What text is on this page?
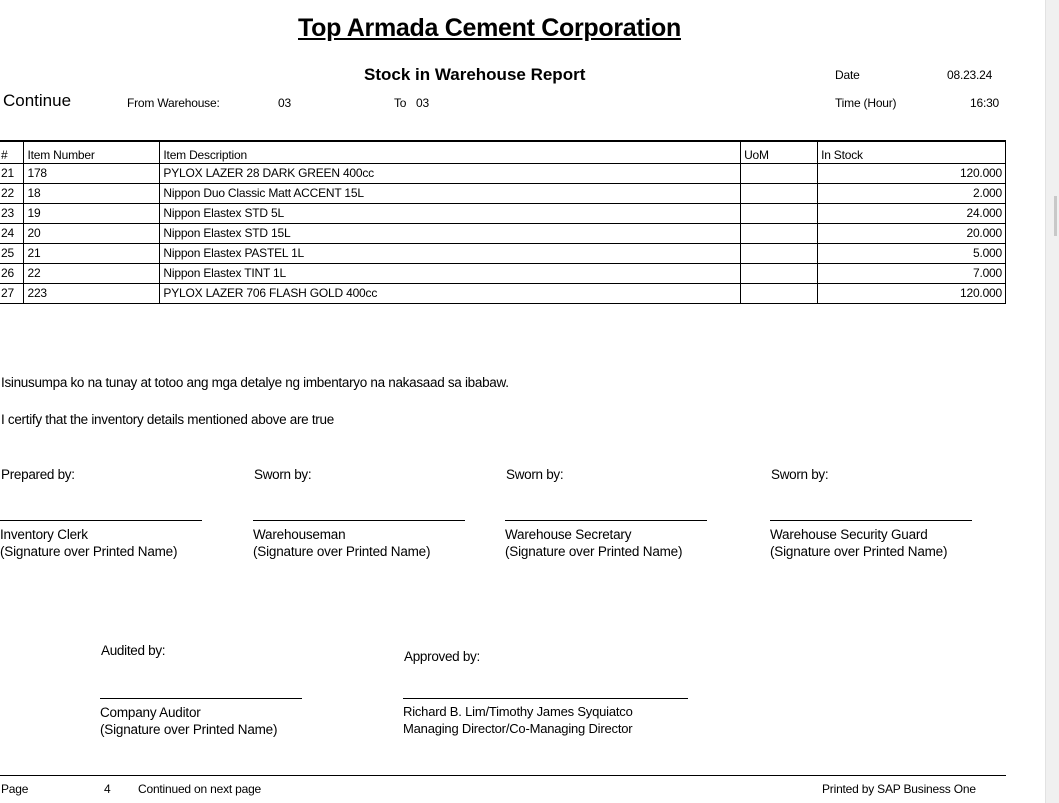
Top Armada Cement Corporation
Stock in Warehouse Report	Date	08.23.24
Continue	From Warehouse:	03	To 03	Time (Hour)	16:30
#	Item Number	Item Description	UoM	In Stock
21	178	PYLOX LAZER 28 DARK GREEN 400cc		120.000
22	18	Nippon Duo Classic Matt ACCENT 15L		2.000
23	19	Nippon Elastex STD 5L		24.000
24	20	Nippon Elastex STD 15L		20.000
25	21	Nippon Elastex PASTEL 1L		5.000
26	22	Nippon Elastex TINT 1L		7.000
27	223	PYLOX LAZER 706 FLASH GOLD 400cc		120.000
Isinusumpa ko na tunay at totoo ang mga detalye ng imbentaryo na nakasaad sa ibabaw.
I certify that the inventory details mentioned above are true
Prepared by:	Sworn by:	Sworn by:	Sworn by:
Inventory Clerk
(Signature over Printed Name)
Warehouseman
(Signature over Printed Name)
Warehouse Secretary
(Signature over Printed Name)
Warehouse Security Guard
(Signature over Printed Name)
Audited by:	Approved by:
Company Auditor
(Signature over Printed Name)
Richard B. Lim/Timothy James Syquiatco
Managing Director/Co-Managing Director
Page	4 Continued on next page	Printed by SAP Business One
